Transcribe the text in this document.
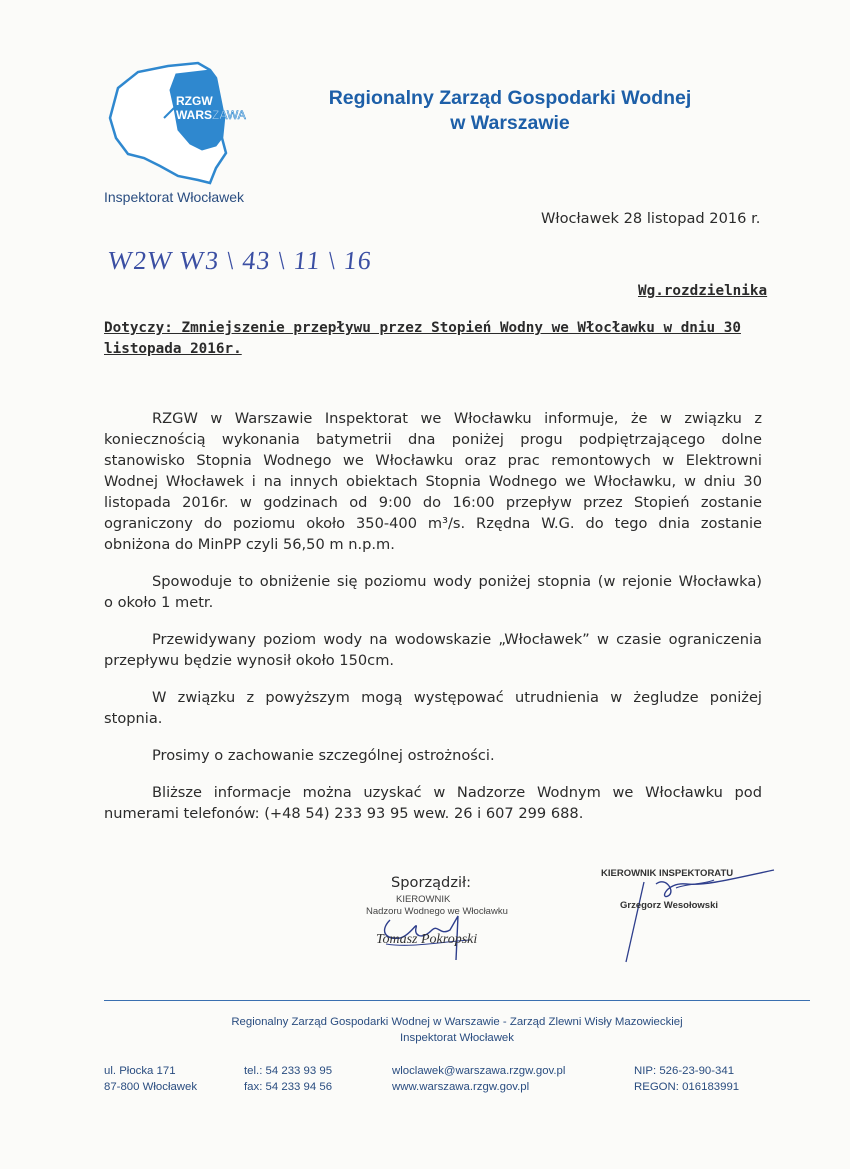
RZGW
WARSZAWA
Regionalny Zarząd Gospodarki Wodnej
w Warszawie
Inspektorat Włocławek
Włocławek 28 listopad 2016 r.
W2W W3 \ 43 \ 11 \ 16
Wg.rozdzielnika
Dotyczy: Zmniejszenie przepływu przez Stopień Wodny we Włocławku w dniu 30
listopada 2016r.
RZGW w Warszawie Inspektorat we Włocławku informuje, że w związku z
koniecznością wykonania batymetrii dna poniżej progu podpiętrzającego dolne
stanowisko Stopnia Wodnego we Włocławku oraz prac remontowych w Elektrowni
Wodnej Włocławek i na innych obiektach Stopnia Wodnego we Włocławku, w dniu 30
listopada 2016r. w godzinach od 9:00 do 16:00 przepływ przez Stopień zostanie
ograniczony do poziomu około 350-400 m³/s. Rzędna W.G. do tego dnia zostanie
obniżona do MinPP czyli 56,50 m n.p.m.
Spowoduje to obniżenie się poziomu wody poniżej stopnia (w rejonie Włocławka)
o około 1 metr.
Przewidywany poziom wody na wodowskazie „Włocławek” w czasie ograniczenia
przepływu będzie wynosił około 150cm.
W związku z powyższym mogą występować utrudnienia w żegludze poniżej
stopnia.
Prosimy o zachowanie szczególnej ostrożności.
Bliższe informacje można uzyskać w Nadzorze Wodnym we Włocławku pod
numerami telefonów: (+48 54) 233 93 95 wew. 26 i 607 299 688.
Sporządził:
KIEROWNIK
Nadzoru Wodnego we Włocławku
Tomasz Pokropski
KIEROWNIK INSPEKTORATU
Grzegorz Wesołowski
Regionalny Zarząd Gospodarki Wodnej w Warszawie - Zarząd Zlewni Wisły Mazowieckiej
Inspektorat Włocławek
ul. Płocka 171
87-800 Włocławek
tel.: 54 233 93 95
fax: 54 233 94 56
wloclawek@warszawa.rzgw.gov.pl
www.warszawa.rzgw.gov.pl
NIP: 526-23-90-341
REGON: 016183991
